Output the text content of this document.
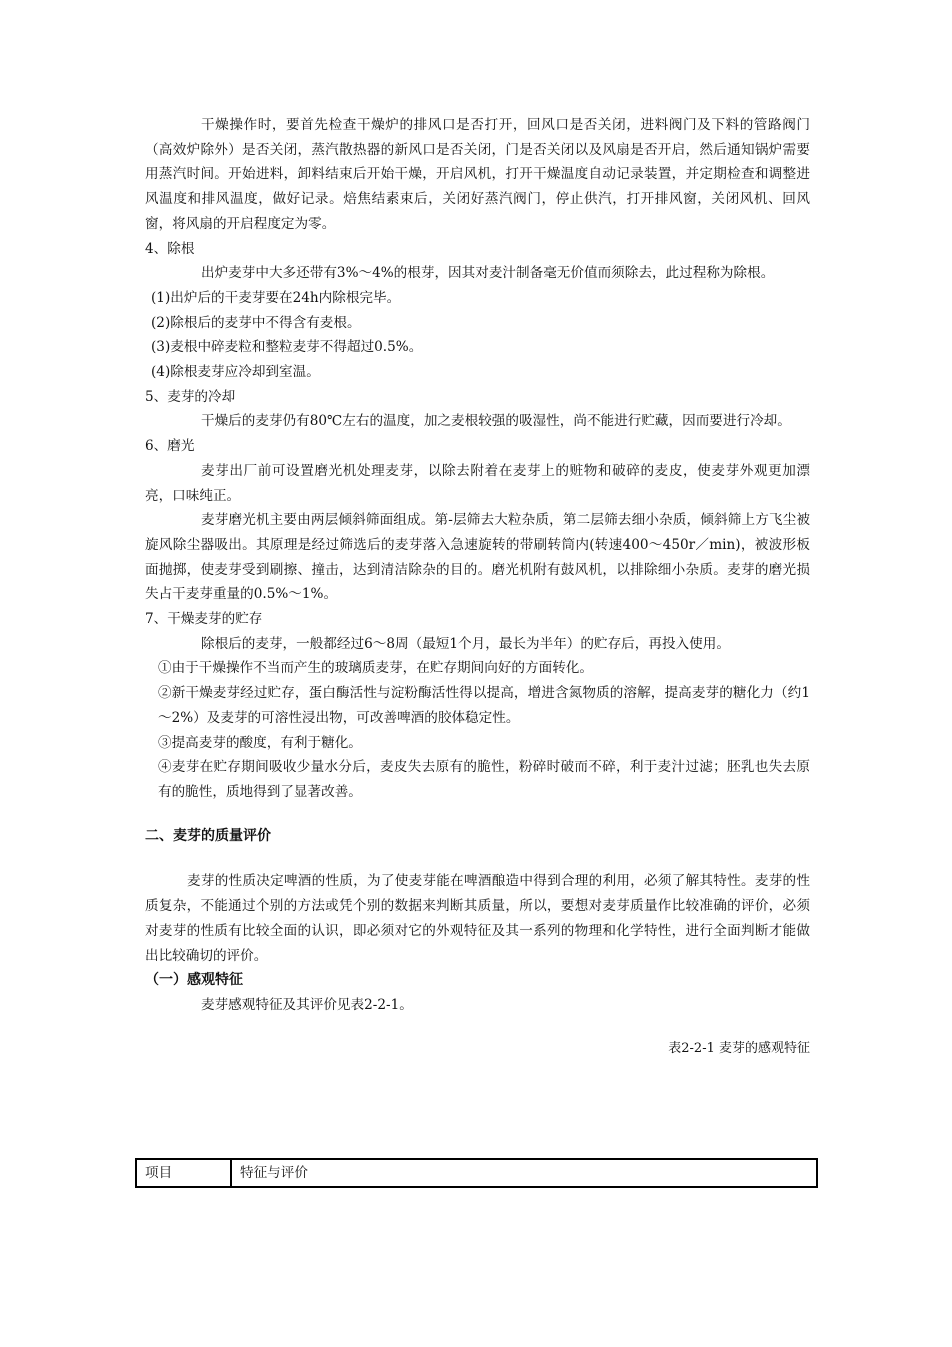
干燥操作时，要首先检查干燥炉的排风口是否打开，回风口是否关闭，进料阀门及下料的管路阀门（高效炉除外）是否关闭，蒸汽散热器的新风口是否关闭，门是否关闭以及风扇是否开启，然后通知锅炉需要用蒸汽时间。开始进料，卸料结束后开始干燥，开启风机，打开干燥温度自动记录装置，并定期检查和调整进风温度和排风温度，做好记录。焙焦结素束后，关闭好蒸汽阀门，停止供汽，打开排风窗，关闭风机、回风窗，将风扇的开启程度定为零。

4、除根

出炉麦芽中大多还带有3%～4%的根芽，因其对麦汁制备毫无价值而须除去，此过程称为除根。

(1)出炉后的干麦芽要在24h内除根完毕。

(2)除根后的麦芽中不得含有麦根。

(3)麦根中碎麦粒和整粒麦芽不得超过0.5%。

(4)除根麦芽应冷却到室温。

5、麦芽的冷却

干燥后的麦芽仍有80℃左右的温度，加之麦根较强的吸湿性，尚不能进行贮藏，因而要进行冷却。

6、磨光

麦芽出厂前可设置磨光机处理麦芽，以除去附着在麦芽上的赃物和破碎的麦皮，使麦芽外观更加漂亮，口味纯正。

麦芽磨光机主要由两层倾斜筛面组成。第-层筛去大粒杂质，第二层筛去细小杂质，倾斜筛上方飞尘被旋风除尘器吸出。其原理是经过筛选后的麦芽落入急速旋转的带刷转筒内(转速400～450r／min)，被波形板面抛掷，使麦芽受到刷擦、撞击，达到清洁除杂的目的。磨光机附有鼓风机，以排除细小杂质。麦芽的磨光损失占干麦芽重量的0.5%～1%。

7、干燥麦芽的贮存

除根后的麦芽，一般都经过6～8周（最短1个月，最长为半年）的贮存后，再投入使用。

①由于干燥操作不当而产生的玻璃质麦芽，在贮存期间向好的方面转化。

②新干燥麦芽经过贮存，蛋白酶活性与淀粉酶活性得以提高，增进含氮物质的溶解，提高麦芽的糖化力（约1～2%）及麦芽的可溶性浸出物，可改善啤酒的胶体稳定性。

③提高麦芽的酸度，有利于糖化。

④麦芽在贮存期间吸收少量水分后，麦皮失去原有的脆性，粉碎时破而不碎，利于麦汁过滤；胚乳也失去原有的脆性，质地得到了显著改善。

二、麦芽的质量评价

麦芽的性质决定啤酒的性质，为了使麦芽能在啤酒酿造中得到合理的利用，必须了解其特性。麦芽的性质复杂，不能通过个别的方法或凭个别的数据来判断其质量，所以，要想对麦芽质量作比较准确的评价，必须对麦芽的性质有比较全面的认识，即必须对它的外观特征及其一系列的物理和化学特性，进行全面判断才能做出比较确切的评价。

（一）感观特征

麦芽感观特征及其评价见表2-2-1。

表2-2-1 麦芽的感观特征

项目	特征与评价
